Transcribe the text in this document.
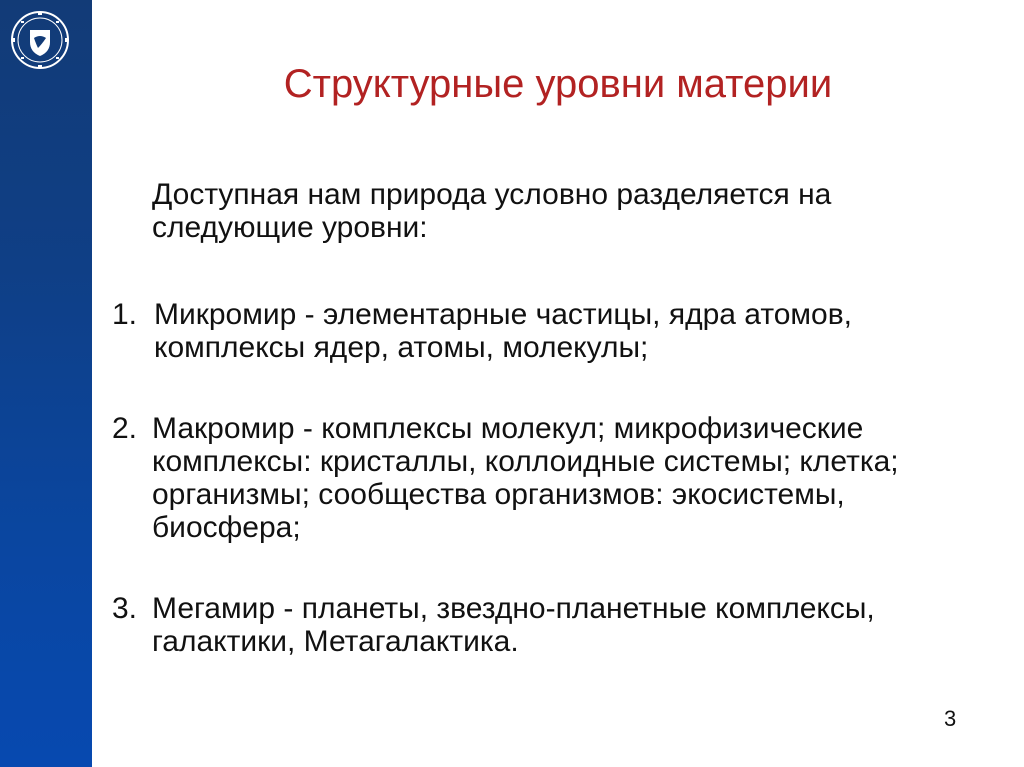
Структурные уровни материи
Доступная нам природа условно разделяется на следующие уровни:
1. Микромир - элементарные частицы, ядра атомов, комплексы ядер, атомы, молекулы;
2. Макромир - комплексы молекул; микрофизические комплексы: кристаллы, коллоидные системы; клетка; организмы; сообщества организмов: экосистемы, биосфера;
3. Мегамир - планеты, звездно-планетные комплексы, галактики, Метагалактика.
3
